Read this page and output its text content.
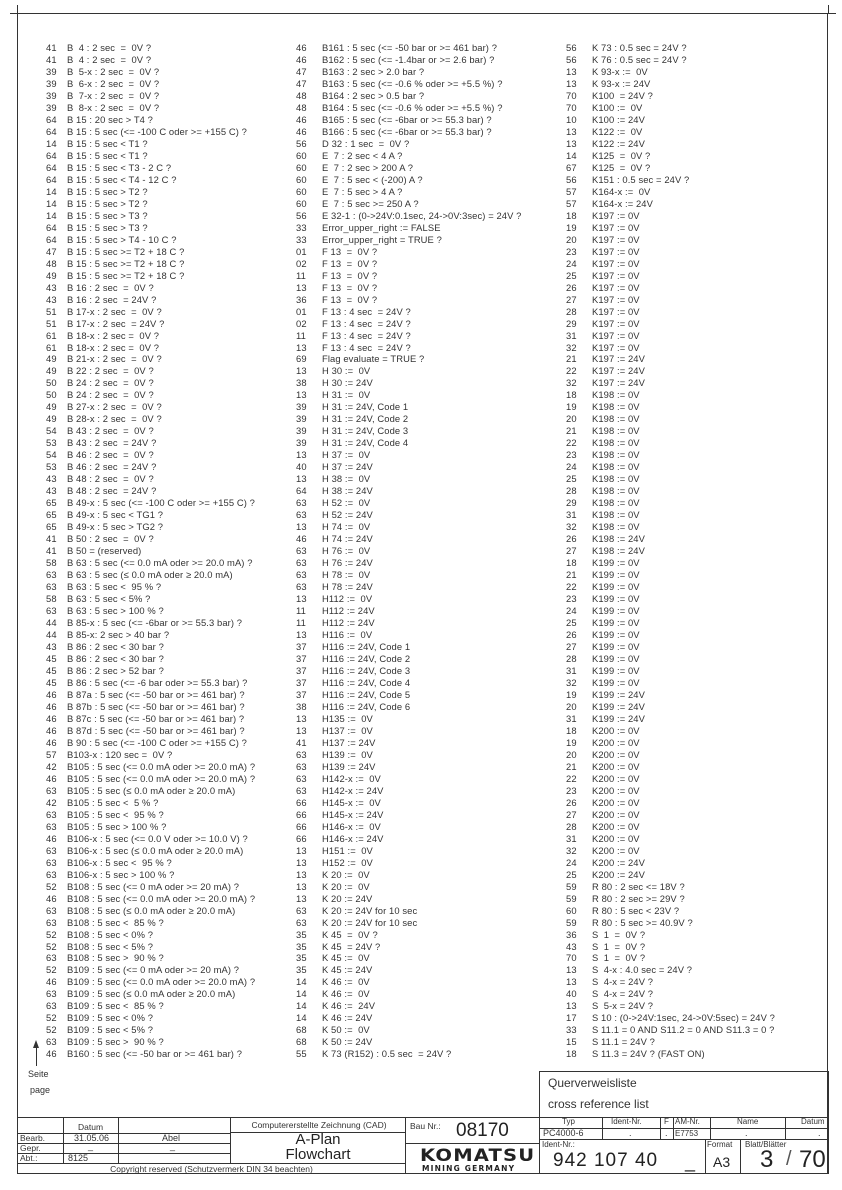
41 B  4 : 2 sec  =  0V ?
41 B  4 : 2 sec  =  0V ?
39 B  5-x : 2 sec  =  0V ?
39 B  6-x : 2 sec  =  0V ?
39 B  7-x : 2 sec  =  0V ?
39 B  8-x : 2 sec  =  0V ?
64 B 15 : 20 sec > T4 ?
64 B 15 : 5 sec (<= -100 C oder >= +155 C) ?
14 B 15 : 5 sec < T1 ?
64 B 15 : 5 sec < T1 ?
64 B 15 : 5 sec < T3 - 2 C ?
64 B 15 : 5 sec < T4 - 12 C ?
14 B 15 : 5 sec > T2 ?
14 B 15 : 5 sec > T2 ?
14 B 15 : 5 sec > T3 ?
64 B 15 : 5 sec > T3 ?
64 B 15 : 5 sec > T4 - 10 C ?
47 B 15 : 5 sec >= T2 + 18 C ?
48 B 15 : 5 sec >= T2 + 18 C ?
49 B 15 : 5 sec >= T2 + 18 C ?
43 B 16 : 2 sec  =  0V ?
43 B 16 : 2 sec  = 24V ?
51 B 17-x : 2 sec  =  0V ?
51 B 17-x : 2 sec  = 24V ?
61 B 18-x : 2 sec =  0V ?
61 B 18-x : 2 sec =  0V ?
49 B 21-x : 2 sec  =  0V ?
49 B 22 : 2 sec  =  0V ?
50 B 24 : 2 sec  =  0V ?
50 B 24 : 2 sec  =  0V ?
49 B 27-x : 2 sec  =  0V ?
49 B 28-x : 2 sec  =  0V ?
54 B 43 : 2 sec  =  0V ?
53 B 43 : 2 sec  = 24V ?
54 B 46 : 2 sec  =  0V ?
53 B 46 : 2 sec  = 24V ?
43 B 48 : 2 sec  =  0V ?
43 B 48 : 2 sec  = 24V ?
65 B 49-x : 5 sec (<= -100 C oder >= +155 C) ?
65 B 49-x : 5 sec < TG1 ?
65 B 49-x : 5 sec > TG2 ?
41 B 50 : 2 sec  =  0V ?
41 B 50 = (reserved)
58 B 63 : 5 sec (<= 0.0 mA oder >= 20.0 mA) ?
63 B 63 : 5 sec (≤ 0.0 mA oder ≥ 20.0 mA)
63 B 63 : 5 sec <  95 % ?
58 B 63 : 5 sec < 5% ?
63 B 63 : 5 sec > 100 % ?
44 B 85-x : 5 sec (<= -6bar or >= 55.3 bar) ?
44 B 85-x: 2 sec > 40 bar ?
43 B 86 : 2 sec < 30 bar ?
45 B 86 : 2 sec < 30 bar ?
45 B 86 : 2 sec > 52 bar ?
45 B 86 : 5 sec (<= -6 bar oder >= 55.3 bar) ?
46 B 87a : 5 sec (<= -50 bar or >= 461 bar) ?
46 B 87b : 5 sec (<= -50 bar or >= 461 bar) ?
46 B 87c : 5 sec (<= -50 bar or >= 461 bar) ?
46 B 87d : 5 sec (<= -50 bar or >= 461 bar) ?
46 B 90 : 5 sec (<= -100 C oder >= +155 C) ?
57 B103-x : 120 sec =  0V ?
42 B105 : 5 sec (<= 0.0 mA oder >= 20.0 mA) ?
46 B105 : 5 sec (<= 0.0 mA oder >= 20.0 mA) ?
63 B105 : 5 sec (≤ 0.0 mA oder ≥ 20.0 mA)
42 B105 : 5 sec <  5 % ?
63 B105 : 5 sec <  95 % ?
63 B105 : 5 sec > 100 % ?
46 B106-x : 5 sec (<= 0.0 V oder >= 10.0 V) ?
63 B106-x : 5 sec (≤ 0.0 mA oder ≥ 20.0 mA)
63 B106-x : 5 sec <  95 % ?
63 B106-x : 5 sec > 100 % ?
52 B108 : 5 sec (<= 0 mA oder >= 20 mA) ?
46 B108 : 5 sec (<= 0.0 mA oder >= 20.0 mA) ?
63 B108 : 5 sec (≤ 0.0 mA oder ≥ 20.0 mA)
63 B108 : 5 sec <  85 % ?
52 B108 : 5 sec < 0% ?
52 B108 : 5 sec < 5% ?
63 B108 : 5 sec >  90 % ?
52 B109 : 5 sec (<= 0 mA oder >= 20 mA) ?
46 B109 : 5 sec (<= 0.0 mA oder >= 20.0 mA) ?
63 B109 : 5 sec (≤ 0.0 mA oder ≥ 20.0 mA)
63 B109 : 5 sec <  85 % ?
52 B109 : 5 sec < 0% ?
52 B109 : 5 sec < 5% ?
63 B109 : 5 sec >  90 % ?
46 B160 : 5 sec (<= -50 bar or >= 461 bar) ?
46 B161 : 5 sec (<= -50 bar or >= 461 bar) ?
46 B162 : 5 sec (<= -1.4bar or >= 2.6 bar) ?
47 B163 : 2 sec > 2.0 bar ?
47 B163 : 5 sec (<= -0.6 % oder >= +5.5 %) ?
48 B164 : 2 sec > 0.5 bar ?
48 B164 : 5 sec (<= -0.6 % oder >= +5.5 %) ?
46 B165 : 5 sec (<= -6bar or >= 55.3 bar) ?
46 B166 : 5 sec (<= -6bar or >= 55.3 bar) ?
56 D 32 : 1 sec  =  0V ?
60 E  7 : 2 sec < 4 A ?
60 E  7 : 2 sec > 200 A ?
60 E  7 : 5 sec < (-200) A ?
60 E  7 : 5 sec > 4 A ?
60 E  7 : 5 sec >= 250 A ?
56 E 32-1 : (0->24V:0.1sec, 24->0V:3sec) = 24V ?
33 Error_upper_right := FALSE
33 Error_upper_right = TRUE ?
01 F 13  =  0V ?
02 F 13  =  0V ?
11 F 13  =  0V ?
13 F 13  =  0V ?
36 F 13  =  0V ?
01 F 13 : 4 sec  = 24V ?
02 F 13 : 4 sec  = 24V ?
11 F 13 : 4 sec  = 24V ?
13 F 13 : 4 sec  = 24V ?
69 Flag evaluate = TRUE ?
13 H 30 :=  0V
38 H 30 := 24V
13 H 31 :=  0V
39 H 31 := 24V, Code 1
39 H 31 := 24V, Code 2
39 H 31 := 24V, Code 3
39 H 31 := 24V, Code 4
13 H 37 :=  0V
40 H 37 := 24V
13 H 38 :=  0V
64 H 38 := 24V
63 H 52 :=  0V
63 H 52 := 24V
13 H 74 :=  0V
46 H 74 := 24V
63 H 76 :=  0V
63 H 76 := 24V
63 H 78 :=  0V
63 H 78 := 24V
13 H112 :=  0V
11 H112 := 24V
11 H112 := 24V
13 H116 :=  0V
37 H116 := 24V, Code 1
37 H116 := 24V, Code 2
37 H116 := 24V, Code 3
37 H116 := 24V, Code 4
37 H116 := 24V, Code 5
38 H116 := 24V, Code 6
13 H135 :=  0V
13 H137 :=  0V
41 H137 := 24V
63 H139 :=  0V
63 H139 := 24V
63 H142-x :=  0V
63 H142-x := 24V
66 H145-x :=  0V
66 H145-x := 24V
66 H146-x :=  0V
66 H146-x := 24V
13 H151 :=  0V
13 H152 :=  0V
13 K 20 :=  0V
13 K 20 :=  0V
13 K 20 := 24V
63 K 20 := 24V for 10 sec
63 K 20 := 24V for 10 sec
35 K 45  =  0V ?
35 K 45  = 24V ?
35 K 45 :=  0V
35 K 45 := 24V
14 K 46 :=  0V
14 K 46 :=  0V
14 K 46 :=  24V
14 K 46 := 24V
68 K 50 :=  0V
68 K 50 := 24V
55 K 73 (R152) : 0.5 sec  = 24V ?
56 K 73 : 0.5 sec = 24V ?
56 K 76 : 0.5 sec = 24V ?
13 K 93-x :=  0V
13 K 93-x := 24V
70 K100  = 24V ?
70 K100 :=  0V
10 K100 := 24V
13 K122 :=  0V
13 K122 := 24V
14 K125  =  0V ?
67 K125  =  0V ?
56 K151 : 0.5 sec = 24V ?
57 K164-x :=  0V
57 K164-x := 24V
18 K197 := 0V
19 K197 := 0V
20 K197 := 0V
23 K197 := 0V
24 K197 := 0V
25 K197 := 0V
26 K197 := 0V
27 K197 := 0V
28 K197 := 0V
29 K197 := 0V
31 K197 := 0V
32 K197 := 0V
21 K197 := 24V
22 K197 := 24V
32 K197 := 24V
18 K198 := 0V
19 K198 := 0V
20 K198 := 0V
21 K198 := 0V
22 K198 := 0V
23 K198 := 0V
24 K198 := 0V
25 K198 := 0V
28 K198 := 0V
29 K198 := 0V
31 K198 := 0V
32 K198 := 0V
26 K198 := 24V
27 K198 := 24V
18 K199 := 0V
21 K199 := 0V
22 K199 := 0V
23 K199 := 0V
24 K199 := 0V
25 K199 := 0V
26 K199 := 0V
27 K199 := 0V
28 K199 := 0V
31 K199 := 0V
32 K199 := 0V
19 K199 := 24V
20 K199 := 24V
31 K199 := 24V
18 K200 := 0V
19 K200 := 0V
20 K200 := 0V
21 K200 := 0V
22 K200 := 0V
23 K200 := 0V
26 K200 := 0V
27 K200 := 0V
28 K200 := 0V
31 K200 := 0V
32 K200 := 0V
24 K200 := 24V
25 K200 := 24V
59 R 80 : 2 sec <= 18V ?
59 R 80 : 2 sec >= 29V ?
60 R 80 : 5 sec < 23V ?
59 R 80 : 5 sec >= 40.9V ?
36 S  1  =  0V ?
43 S  1  =  0V ?
70 S  1  =  0V ?
13 S  4-x : 4.0 sec = 24V ?
13 S  4-x = 24V ?
40 S  4-x = 24V ?
13 S  5-x = 24V ?
17 S 10 : (0->24V:1sec, 24->0V:5sec) = 24V ?
33 S 11.1 = 0 AND S11.2 = 0 AND S11.3 = 0 ?
15 S 11.1 = 24V ?
18 S 11.3 = 24V ? (FAST ON)
Seite
page	Querverweisliste
cross reference list
Datum
Bearb.	31.05.06	Abel
Gepr.	_	_
Abt.:	8125
Copyright reserved (Schutzvermerk DIN 34 beachten)
Computererstellte Zeichnung (CAD)
A-Plan
Flowchart
Bau Nr.: 08170
KOMATSU
MINING GERMANY
Typ	Ident-Nr.	F ÄM-Nr.	Name	Datum
PC4000-6	.	. E7753	.	.
Ident-Nr.:
942 107 40 _
Format
A3
Blatt/Blätter
3 / 70
